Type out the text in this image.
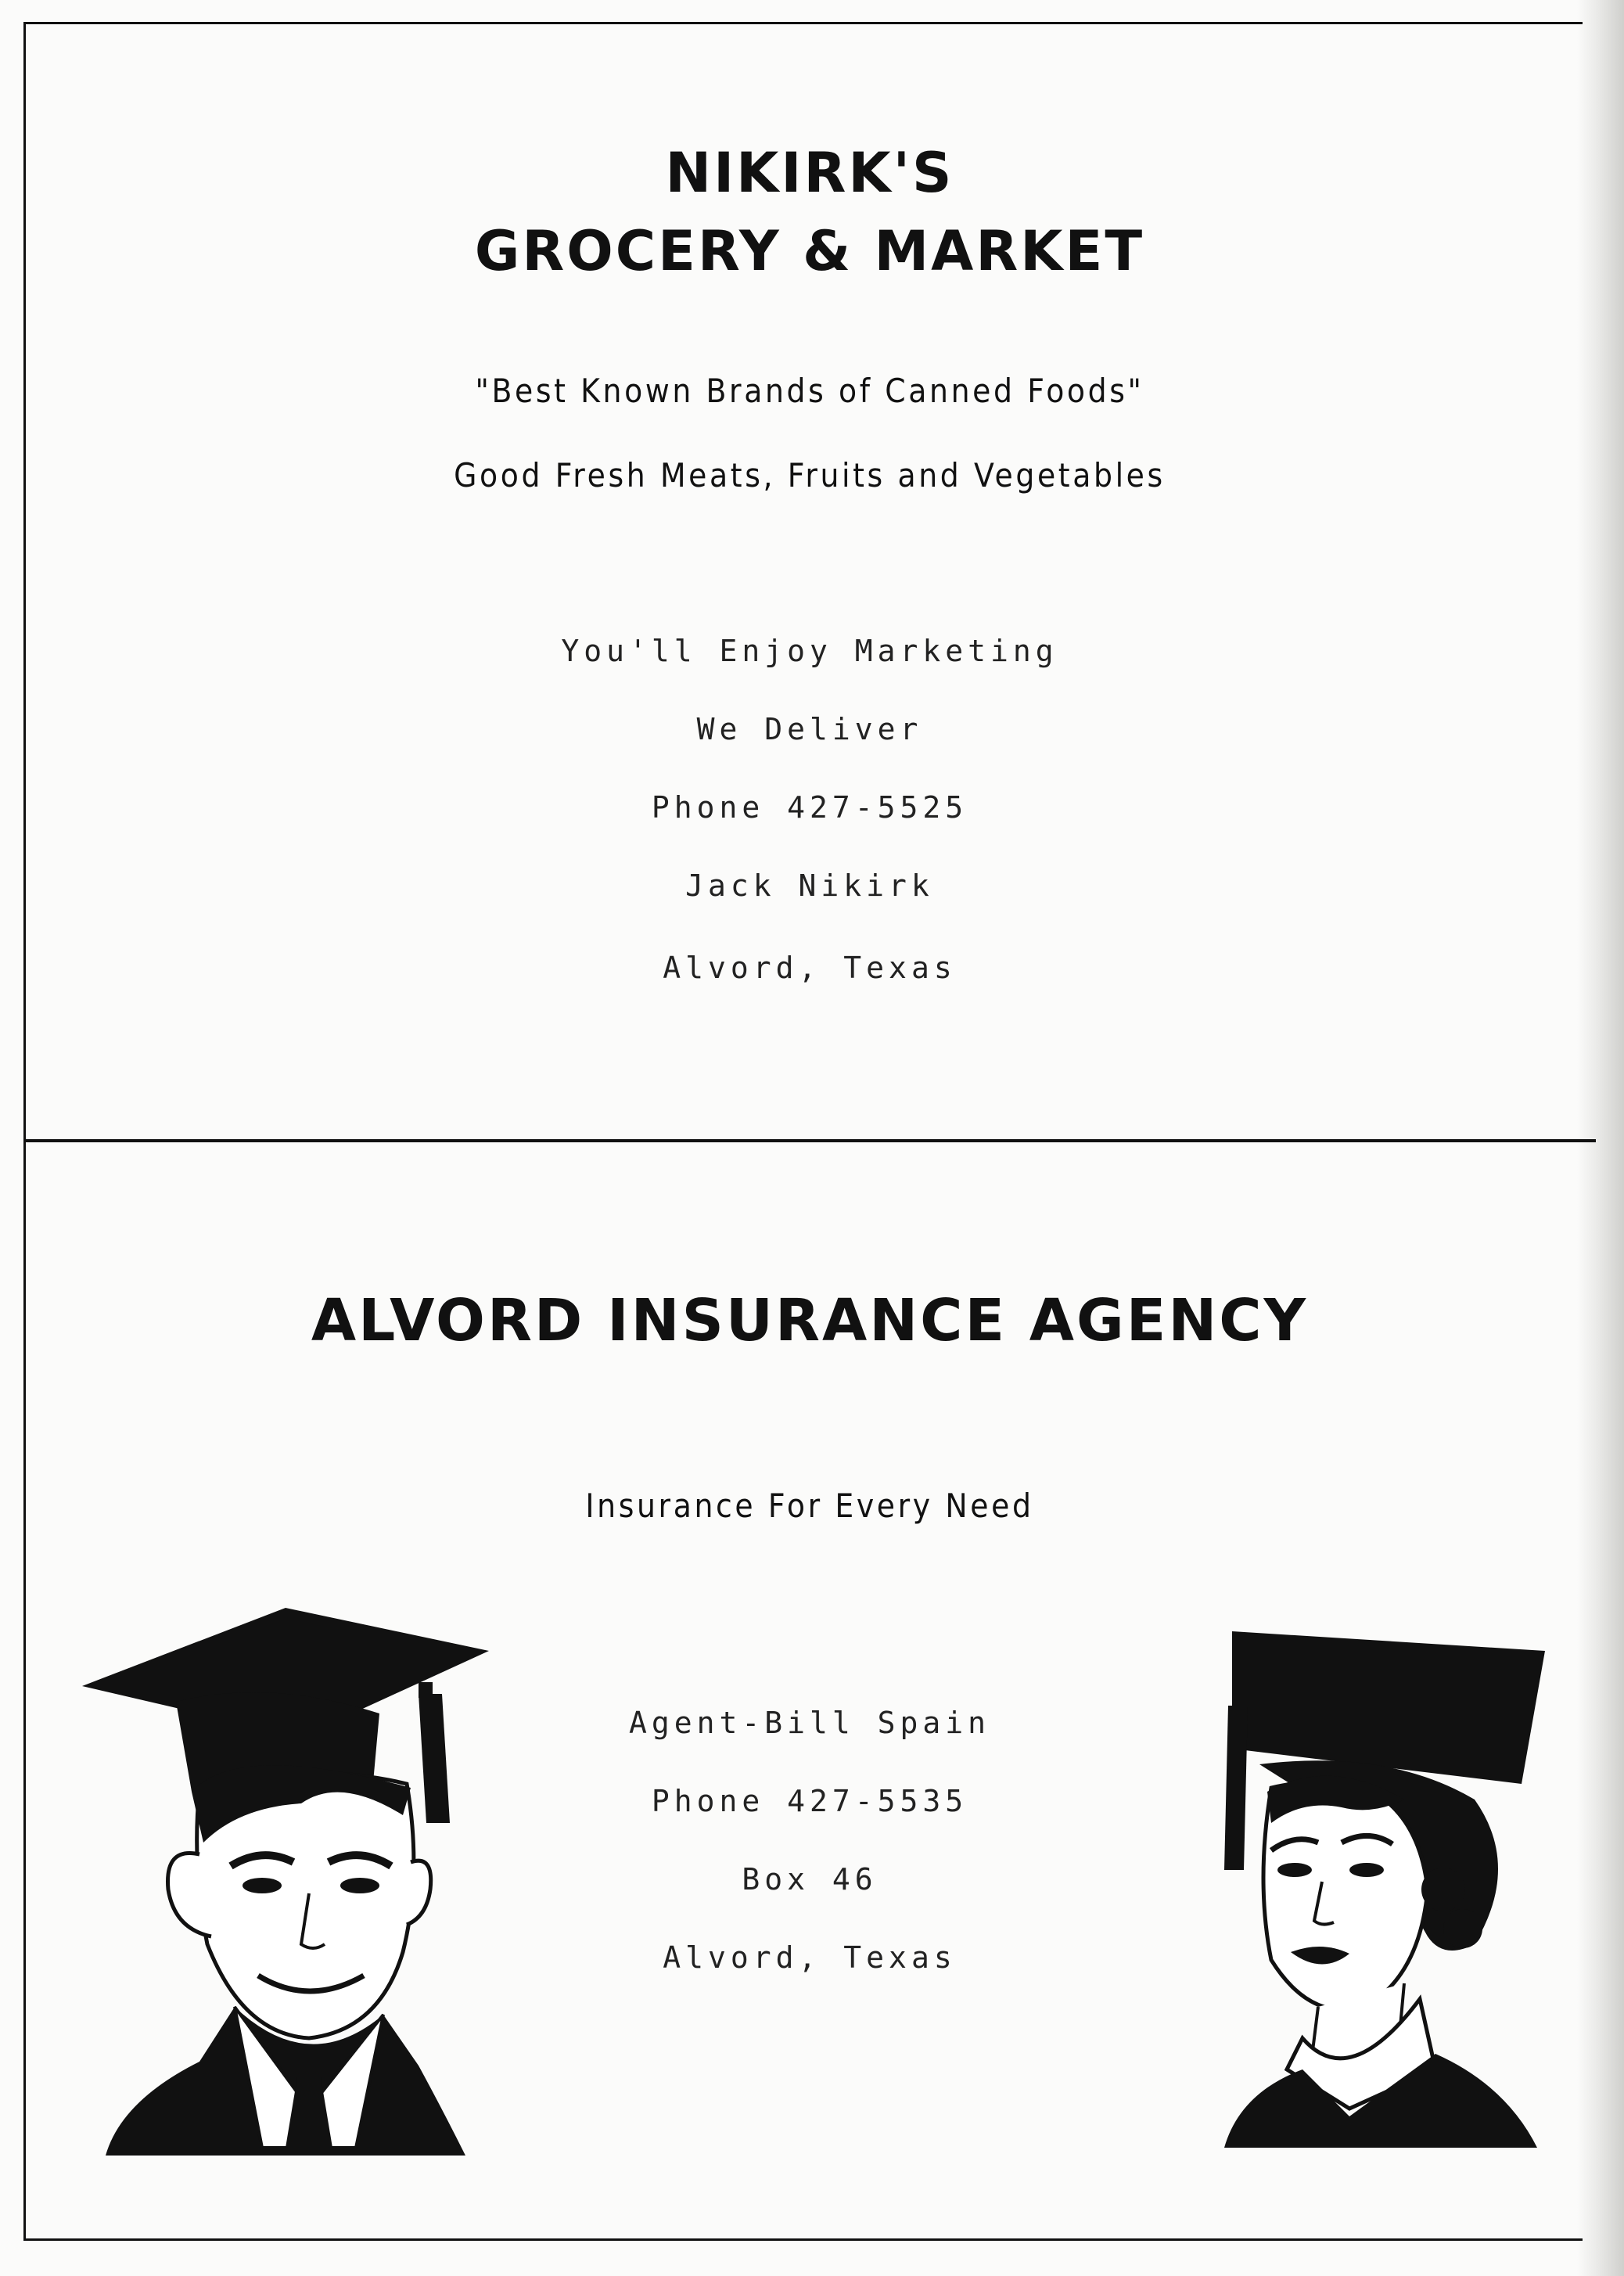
NIKIRK'S
GROCERY & MARKET
"Best Known Brands of Canned Foods"
Good Fresh Meats, Fruits and Vegetables
You'll Enjoy Marketing
We Deliver
Phone 427-5525
Jack Nikirk
Alvord, Texas
ALVORD INSURANCE AGENCY
Insurance For Every Need
Agent-Bill Spain
Phone 427-5535
Box 46
Alvord, Texas
